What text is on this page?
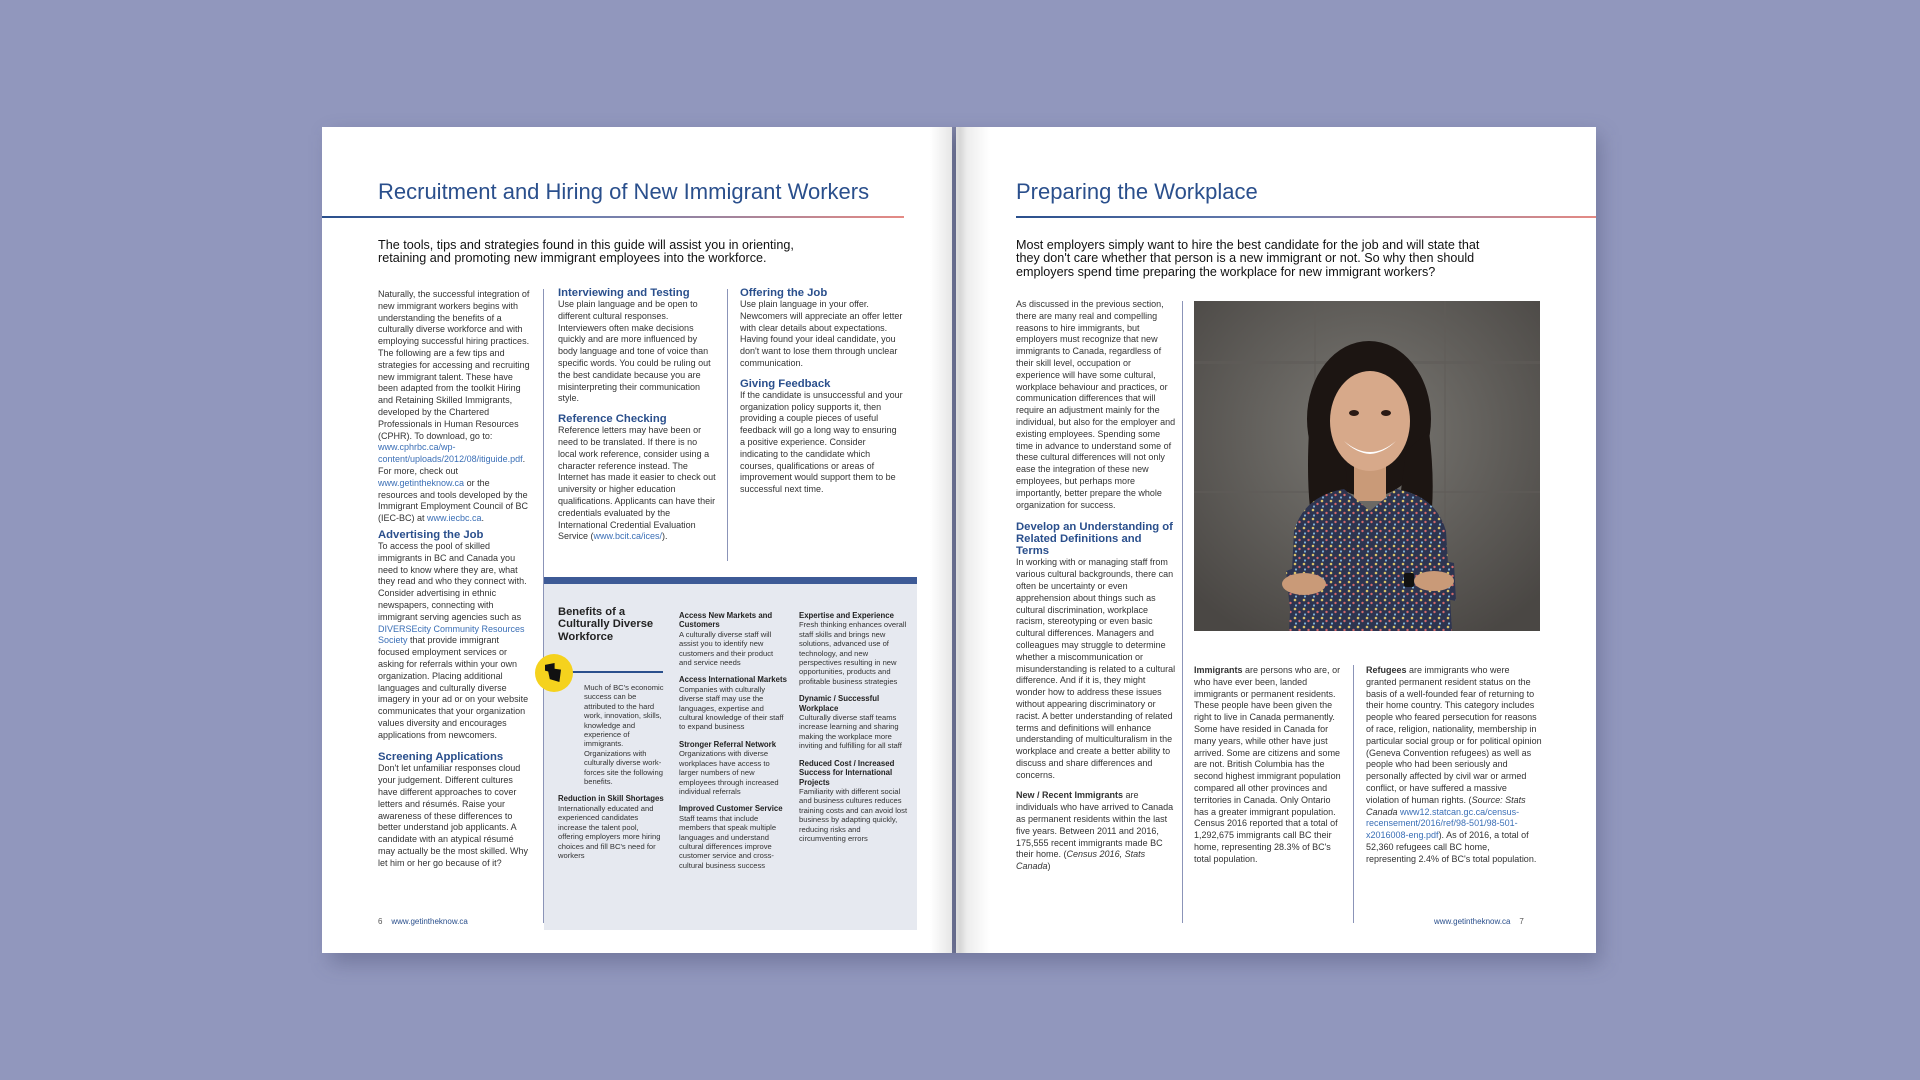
Recruitment and Hiring of New Immigrant Workers
The tools, tips and strategies found in this guide will assist you in orienting, retaining and promoting new immigrant employees into the workforce.

Naturally, the successful integration of new immigrant workers begins with understanding the benefits of a culturally diverse workforce and with employing successful hiring practices. The following are a few tips and strategies for accessing and recruiting new immigrant talent. These have been adapted from the toolkit Hiring and Retaining Skilled Immigrants, developed by the Chartered Professionals in Human Resources (CPHR). To download, go to: www.cphrbc.ca/wp-content/uploads/2012/08/itiguide.pdf. For more, check out www.getintheknow.ca or the resources and tools developed by the Immigrant Employment Council of BC (IEC-BC) at www.iecbc.ca.

Advertising the Job

To access the pool of skilled immigrants in BC and Canada you need to know where they are, what they read and who they connect with. Consider advertising in ethnic newspapers, connecting with immigrant serving agencies such as DIVERSEcity Community Resources Society that provide immigrant focused employment services or asking for referrals within your own organization. Placing additional languages and culturally diverse imagery in your ad or on your website communicates that your organization values diversity and encourages applications from newcomers.

Screening Applications

Don't let unfamiliar responses cloud your judgement. Different cultures have different approaches to cover letters and résumés. Raise your awareness of these differences to better understand job applicants. A candidate with an atypical résumé may actually be the most skilled. Why let him or her go because of it?

Interviewing and Testing

Use plain language and be open to different cultural responses. Interviewers often make decisions quickly and are more influenced by body language and tone of voice than specific words. You could be ruling out the best candidate because you are misinterpreting their communication style.

Reference Checking

Reference letters may have been or need to be translated. If there is no local work reference, consider using a character reference instead. The Internet has made it easier to check out university or higher education qualifications. Applicants can have their credentials evaluated by the International Credential Evaluation Service (www.bcit.ca/ices/).

Offering the Job

Use plain language in your offer. Newcomers will appreciate an offer letter with clear details about expectations. Having found your ideal candidate, you don't want to lose them through unclear communication.

Giving Feedback

If the candidate is unsuccessful and your organization policy supports it, then providing a couple pieces of useful feedback will go a long way to ensuring a positive experience. Consider indicating to the candidate which courses, qualifications or areas of improvement would support them to be successful next time.

Benefits of a Culturally Diverse Workforce
Much of BC's economic success can be attributed to the hard work, innovation, skills, knowledge and experience of immigrants. Organizations with culturally diverse work-forces site the following benefits.
Reduction in Skill Shortages
Internationally educated and experienced candidates increase the talent pool, offering employers more hiring choices and fill BC's need for workers
Access New Markets and Customers
A culturally diverse staff will assist you to identify new customers and their product and service needs
Access International Markets
Companies with culturally diverse staff may use the languages, expertise and cultural knowledge of their staff to expand business
Stronger Referral Network
Organizations with diverse workplaces have access to larger numbers of new employees through increased individual referrals
Improved Customer Service
Staff teams that include members that speak multiple languages and understand cultural differences improve customer service and cross-cultural business success
Expertise and Experience
Fresh thinking enhances overall staff skills and brings new solutions, advanced use of technology, and new perspectives resulting in new opportunities, products and profitable business strategies
Dynamic / Successful Workplace
Culturally diverse staff teams increase learning and sharing making the workplace more inviting and fulfilling for all staff
Reduced Cost / Increased Success for International Projects
Familiarity with different social and business cultures reduces training costs and can avoid lost business by adapting quickly, reducing risks and circumventing errors
6 www.getintheknow.ca
Preparing the Workplace
Most employers simply want to hire the best candidate for the job and will state that they don't care whether that person is a new immigrant or not. So why then should employers spend time preparing the workplace for new immigrant workers?

As discussed in the previous section, there are many real and compelling reasons to hire immigrants, but employers must recognize that new immigrants to Canada, regardless of their skill level, occupation or experience will have some cultural, workplace behaviour and practices, or communication differences that will require an adjustment mainly for the individual, but also for the employer and existing employees. Spending some time in advance to understand some of these cultural differences will not only ease the integration of these new employees, but perhaps more importantly, better prepare the whole organization for success.

Develop an Understanding of Related Definitions and Terms

In working with or managing staff from various cultural backgrounds, there can often be uncertainty or even apprehension about things such as cultural discrimination, workplace racism, stereotyping or even basic cultural differences. Managers and colleagues may struggle to determine whether a miscommunication or misunderstanding is related to a cultural difference. And if it is, they might wonder how to address these issues without appearing discriminatory or racist. A better understanding of related terms and definitions will enhance understanding of multiculturalism in the workplace and create a better ability to discuss and share differences and concerns.

New / Recent Immigrants are individuals who have arrived to Canada as permanent residents within the last five years. Between 2011 and 2016, 175,555 recent immigrants made BC their home. (Census 2016, Stats Canada)

Immigrants are persons who are, or who have ever been, landed immigrants or permanent residents. These people have been given the right to live in Canada permanently. Some have resided in Canada for many years, while other have just arrived. Some are citizens and some are not. British Columbia has the second highest immigrant population compared all other provinces and territories in Canada. Only Ontario has a greater immigrant population. Census 2016 reported that a total of 1,292,675 immigrants call BC their home, representing 28.3% of BC's total population.

Refugees are immigrants who were granted permanent resident status on the basis of a well-founded fear of returning to their home country. This category includes people who feared persecution for reasons of race, religion, nationality, membership in particular social group or for political opinion (Geneva Convention refugees) as well as people who had been seriously and personally affected by civil war or armed conflict, or have suffered a massive violation of human rights. (Source: Stats Canada www12.statcan.gc.ca/census-recensement/2016/ref/98-501/98-501-x2016008-eng.pdf). As of 2016, a total of 52,360 refugees call BC home, representing 2.4% of BC's total population.

www.getintheknow.ca 7
